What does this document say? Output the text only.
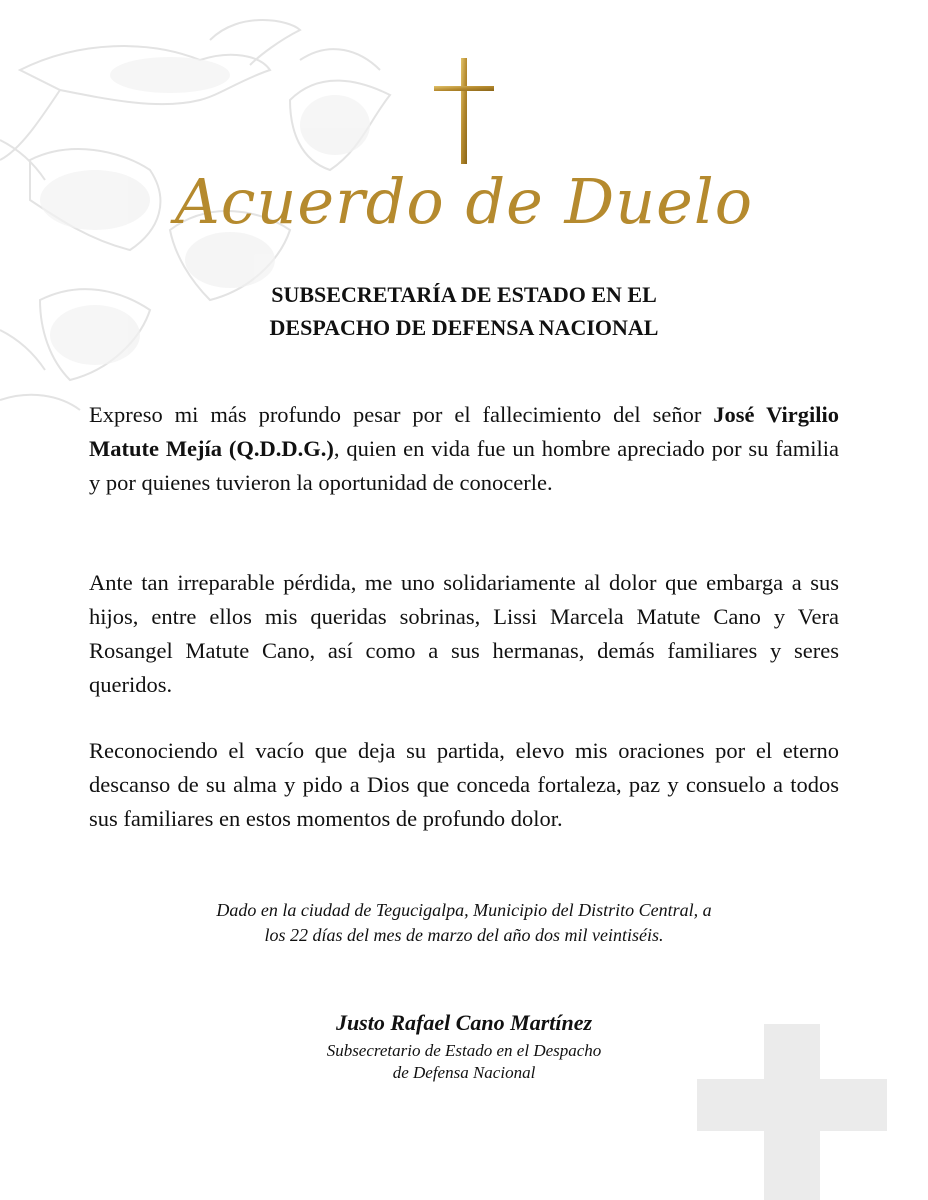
Acuerdo de Duelo
SUBSECRETARÍA DE ESTADO EN EL
DESPACHO DE DEFENSA NACIONAL

Expreso mi más profundo pesar por el fallecimiento del señor José Virgilio Matute Mejía (Q.D.D.G.), quien en vida fue un hombre apreciado por su familia y por quienes tuvieron la oportunidad de conocerle.

Ante tan irreparable pérdida, me uno solidariamente al dolor que embarga a sus hijos, entre ellos mis queridas sobrinas, Lissi Marcela Matute Cano y Vera Rosangel Matute Cano, así como a sus hermanas, demás familiares y seres queridos.

Reconociendo el vacío que deja su partida, elevo mis oraciones por el eterno descanso de su alma y pido a Dios que conceda fortaleza, paz y consuelo a todos sus familiares en estos momentos de profundo dolor.

Dado en la ciudad de Tegucigalpa, Municipio del Distrito Central, a
los 22 días del mes de marzo del año dos mil veintiséis.
Justo Rafael Cano Martínez
Subsecretario de Estado en el Despacho
de Defensa Nacional
